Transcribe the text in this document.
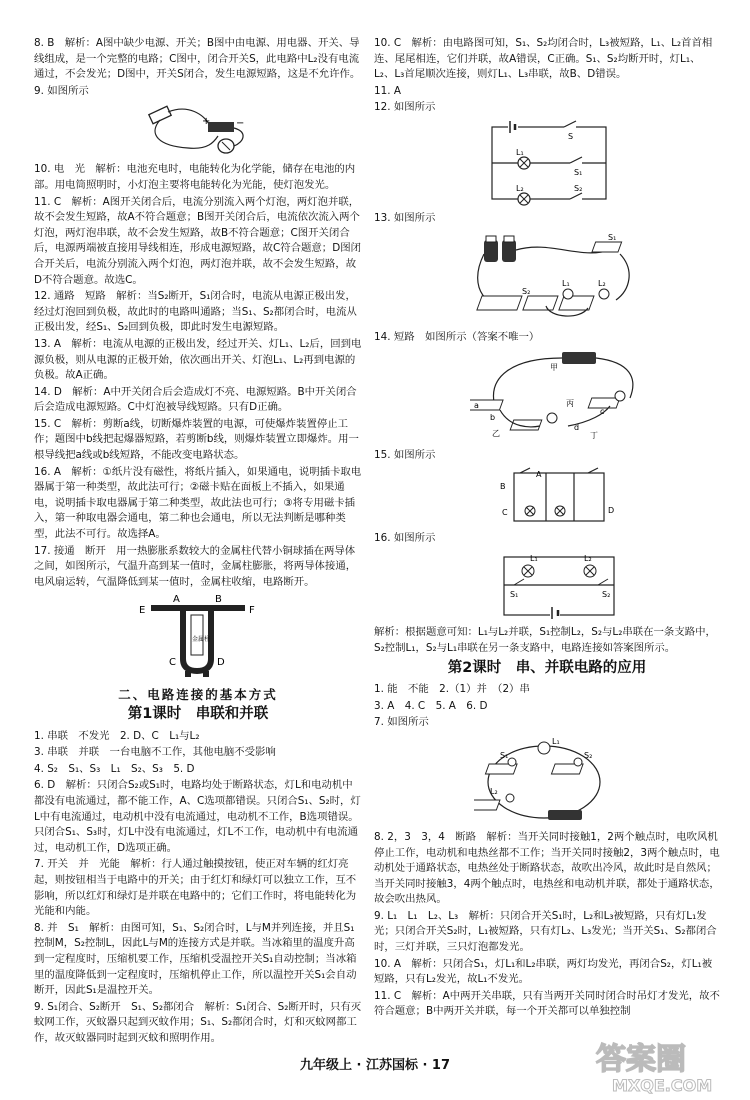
8. B　解析：A图中缺少电源、开关；B图中由电源、用电器、开关、导线组成，是一个完整的电路；C图中，闭合开关S，此电路中L₂没有电流通过，不会发光；D图中，开关S闭合，发生电源短路，这是不允许作。
9. 如图所示
+	−
10. 电　光　解析：电池充电时，电能转化为化学能，储存在电池的内部。用电筒照明时，小灯泡主要将电能转化为光能，使灯泡发光。
11. C　解析：A图开关闭合后，电流分别流入两个灯泡，两灯泡并联，故不会发生短路，故A不符合题意；B图开关闭合后，电流依次流入两个灯泡，两灯泡串联，故不会发生短路，故B不符合题意；C图开关闭合后，电源两端被直接用导线相连，形成电源短路，故C符合题意；D图闭合开关后，电流分别流入两个灯泡，两灯泡并联，故不会发生短路，故D不符合题意。故选C。
12. 通路　短路　解析：当S₂断开，S₁闭合时，电流从电源正极出发，经过灯泡回到负极，故此时的电路叫通路；当S₁、S₂都闭合时，电流从正极出发，经S₁、S₂回到负极，即此时发生电源短路。
13. A　解析：电流从电源的正极出发，经过开关、灯L₁、L₂后，回到电源负极，则从电源的正极开始，依次画出开关、灯泡L₁、L₂再到电源的负极。故A正确。
14. D　解析：A中开关闭合后会造成灯不亮、电源短路。B中开关闭合后会造成电源短路。C中灯泡被导线短路。只有D正确。
15. C　解析：剪断a线，切断爆炸装置的电源，可使爆炸装置停止工作；题图中b线把起爆器短路，若剪断b线，则爆炸装置立即爆炸。用一根导线把a线或b线短路，不能改变电路状态。
16. A　解析：①纸片没有磁性，将纸片插入，如果通电，说明插卡取电器属于第一种类型，故此法可行；②磁卡贴在面板上不插入，如果通电，说明插卡取电器属于第二种类型，故此法也可行；③将专用磁卡插入，第一种取电器会通电，第二种也会通电，所以无法判断是哪种类型，此法不可行。故选择A。
17. 接通　断开　用一热膨胀系数较大的金属柱代替小铜球插在两导体之间，如图所示，气温升高到某一值时，金属柱膨胀，将两导体接通，电风扇运转，气温降低到某一值时，金属柱收缩，电路断开。
E
A	B
F
金属柱
C	D
二、电路连接的基本方式
第1课时　串联和并联
1. 串联　不发光　2. D、C　L₁与L₂
3. 串联　并联　一台电脑不工作，其他电脑不受影响
4. S₂　S₁、S₃　L₁　S₂、S₃　5. D
6. D　解析：只闭合S₂或S₁时，电路均处于断路状态，灯L和电动机中都没有电流通过，都不能工作，A、C选项都错误。只闭合S₁、S₂时，灯L中有电流通过，电动机中没有电流通过，电动机不工作，B选项错误。只闭合S₁、S₃时，灯L中没有电流通过，灯L不工作，电动机中有电流通过，电动机工作，D选项正确。
7. 开关　并　光能　解析：行人通过触摸按钮，使正对车辆的红灯亮起，则按钮相当于电路中的开关；由于红灯和绿灯可以独立工作，互不影响，所以红灯和绿灯是并联在电路中的；它们工作时，将电能转化为光能和内能。
8. 并　S₁　解析：由图可知，S₁、S₂闭合时，L与M并列连接，并且S₁控制M，S₂控制L，因此L与M的连接方式是并联。当冰箱里的温度升高到一定程度时，压缩机要工作，压缩机受温控开关S₁自动控制；当冰箱里的温度降低到一定程度时，压缩机停止工作，所以温控开关S₁会自动断开，因此S₁是温控开关。
9. S₁闭合、S₂断开　S₁、S₂都闭合　解析：S₁闭合、S₂断开时，只有灭蚊网工作，灭蚊器只起到灭蚊作用；S₁、S₂都闭合时，灯和灭蚊网都工作，故灭蚊器同时起到灭蚊和照明作用。
10. C　解析：由电路图可知，S₁、S₂均闭合时，L₃被短路，L₁、L₂首首相连、尾尾相连，它们并联，故A错误，C正确。S₁、S₂均断开时，灯L₁、L₂、L₃首尾顺次连接，则灯L₁、L₃串联，故B、D错误。
11. A
12. 如图所示
S
L₁
S₁
L₂	S₂
13. 如图所示
S₁
L₁	L₂
S₂
14. 短路　如图所示（答案不唯一）
甲
a
b
乙
丙
c
d
丁
15. 如图所示
B
C
A
D
16. 如图所示
L₁	L₂
S₁	S₂
解析：根据题意可知：L₁与L₂并联，S₁控制L₂，S₂与L₂串联在一条支路中，S₂控制L₁，S₂与L₁串联在另一条支路中，电路连接如答案图所示。
第2课时　串、并联电路的应用
1. 能　不能　2.（1）并　（2）串
3. A　4. C　5. A　6. D
7. 如图所示
L₁
S₁	S₂
L₂
8. 2，3　3，4　断路　解析：当开关同时接触1，2两个触点时，电吹风机停止工作，电动机和电热丝都不工作；当开关同时接触2，3两个触点时，电动机处于通路状态，电热丝处于断路状态，故吹出冷风，故此时是自然风；当开关同时接触3，4两个触点时，电热丝和电动机并联，都处于通路状态，故会吹出热风。
9. L₁　L₁　L₂、L₃　解析：只闭合开关S₁时，L₂和L₃被短路，只有灯L₁发光；只闭合开关S₂时，L₁被短路，只有灯L₂、L₃发光；当开关S₁、S₂都闭合时，三灯并联，三只灯泡都发光。
10. A　解析：只闭合S₁，灯L₁和L₂串联，两灯均发光，再闭合S₂，灯L₁被短路，只有L₂发光，故L₁不发光。
11. C　解析：A中两开关串联，只有当两开关同时闭合时吊灯才发光，故不符合题意；B中两开关并联，每一个开关都可以单独控制
九年级上 · 江苏国标 · 17	答案圈
MXQE.COM
